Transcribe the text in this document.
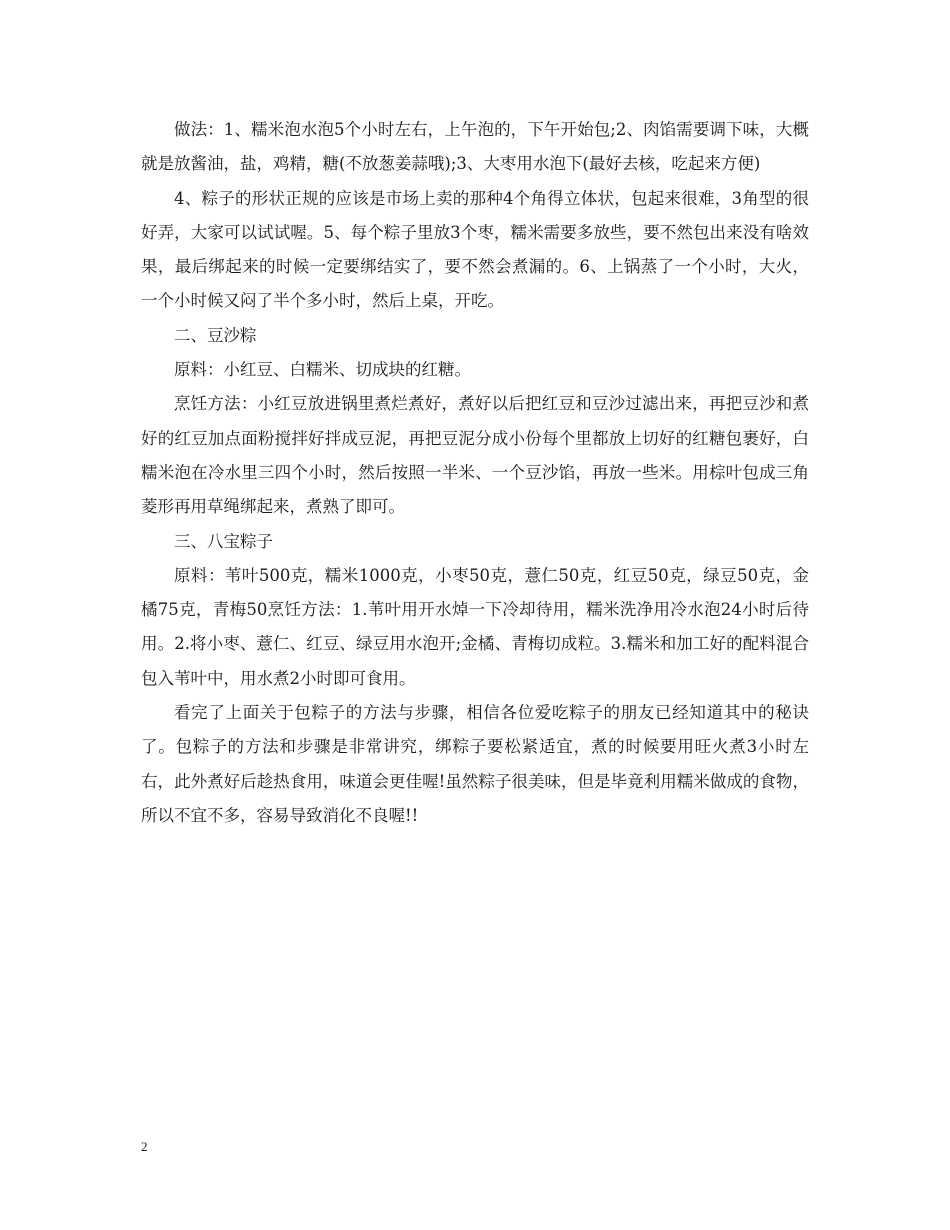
做法：1、糯米泡水泡5个小时左右，上午泡的，下午开始包;2、肉馅需要调下味，大概就是放酱油，盐，鸡精，糖(不放葱姜蒜哦);3、大枣用水泡下(最好去核，吃起来方便)

4、粽子的形状正规的应该是市场上卖的那种4个角得立体状，包起来很难，3角型的很好弄，大家可以试试喔。5、每个粽子里放3个枣，糯米需要多放些，要不然包出来没有啥效果，最后绑起来的时候一定要绑结实了，要不然会煮漏的。6、上锅蒸了一个小时，大火，一个小时候又闷了半个多小时，然后上桌，开吃。

二、豆沙粽

原料：小红豆、白糯米、切成块的红糖。

烹饪方法：小红豆放进锅里煮烂煮好，煮好以后把红豆和豆沙过滤出来，再把豆沙和煮好的红豆加点面粉搅拌好拌成豆泥，再把豆泥分成小份每个里都放上切好的红糖包裹好，白糯米泡在冷水里三四个小时，然后按照一半米、一个豆沙馅，再放一些米。用棕叶包成三角菱形再用草绳绑起来，煮熟了即可。

三、八宝粽子

原料：苇叶500克，糯米1000克，小枣50克，薏仁50克，红豆50克，绿豆50克，金橘75克，青梅50烹饪方法：1.苇叶用开水焯一下冷却待用，糯米洗净用冷水泡24小时后待用。2.将小枣、薏仁、红豆、绿豆用水泡开;金橘、青梅切成粒。3.糯米和加工好的配料混合包入苇叶中，用水煮2小时即可食用。

看完了上面关于包粽子的方法与步骤，相信各位爱吃粽子的朋友已经知道其中的秘诀了。包粽子的方法和步骤是非常讲究，绑粽子要松紧适宜，煮的时候要用旺火煮3小时左右，此外煮好后趁热食用，味道会更佳喔!虽然粽子很美味，但是毕竟利用糯米做成的食物，所以不宜不多，容易导致消化不良喔!!

2
